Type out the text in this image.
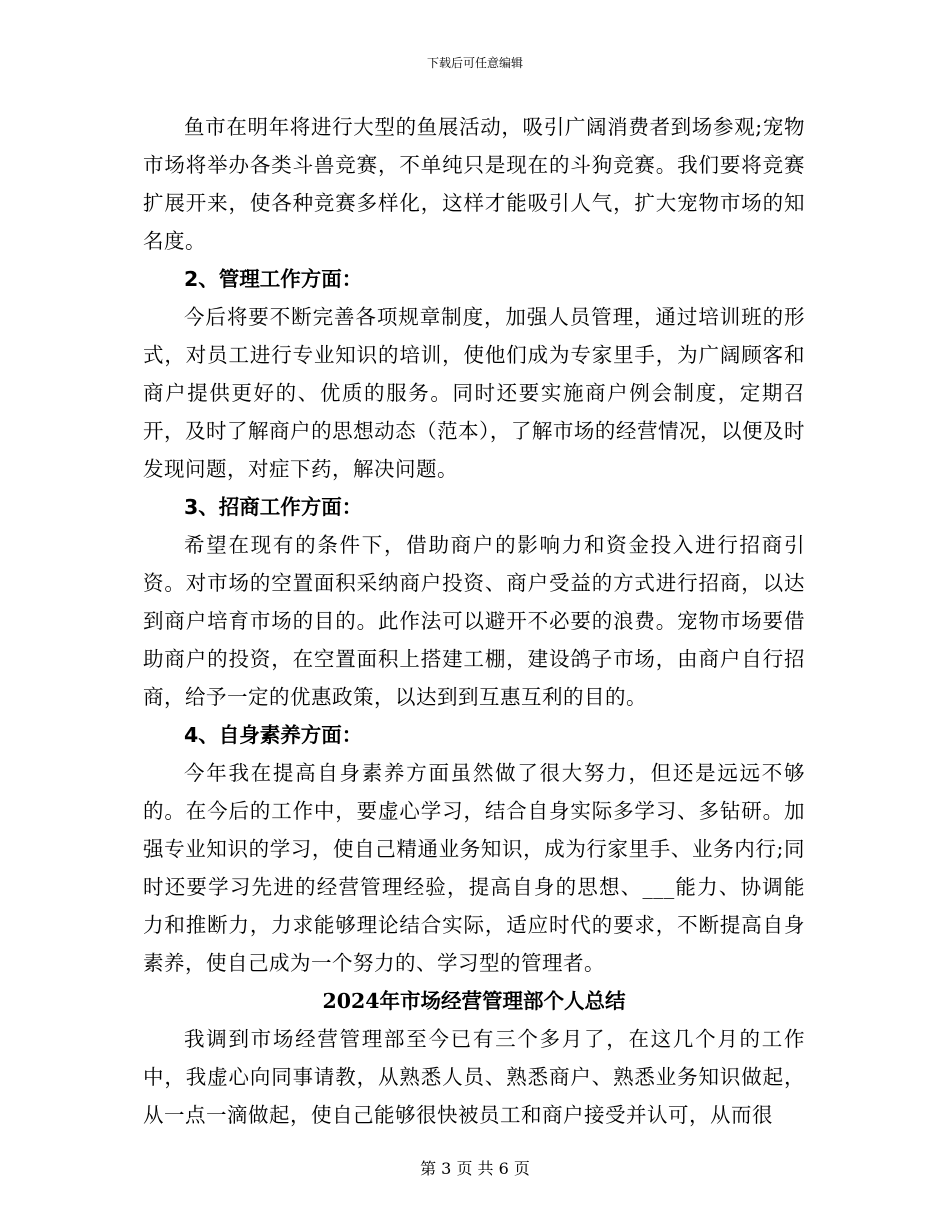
下载后可任意编辑

鱼市在明年将进行大型的鱼展活动，吸引广阔消费者到场参观;宠物市场将举办各类斗兽竞赛，不单纯只是现在的斗狗竞赛。我们要将竞赛扩展开来，使各种竞赛多样化，这样才能吸引人气，扩大宠物市场的知名度。

2、管理工作方面：

今后将要不断完善各项规章制度，加强人员管理，通过培训班的形式，对员工进行专业知识的培训，使他们成为专家里手，为广阔顾客和商户提供更好的、优质的服务。同时还要实施商户例会制度，定期召开，及时了解商户的思想动态（范本），了解市场的经营情况，以便及时发现问题，对症下药，解决问题。

3、招商工作方面：

希望在现有的条件下，借助商户的影响力和资金投入进行招商引资。对市场的空置面积采纳商户投资、商户受益的方式进行招商，以达到商户培育市场的目的。此作法可以避开不必要的浪费。宠物市场要借助商户的投资，在空置面积上搭建工棚，建设鸽子市场，由商户自行招商，给予一定的优惠政策，以达到到互惠互利的目的。

4、自身素养方面：

今年我在提高自身素养方面虽然做了很大努力，但还是远远不够的。在今后的工作中，要虚心学习，结合自身实际多学习、多钻研。加强专业知识的学习，使自己精通业务知识，成为行家里手、业务内行;同时还要学习先进的经营管理经验，提高自身的思想、___能力、协调能力和推断力，力求能够理论结合实际，适应时代的要求，不断提高自身素养，使自己成为一个努力的、学习型的管理者。

2024年市场经营管理部个人总结

我调到市场经营管理部至今已有三个多月了，在这几个月的工作中，我虚心向同事请教，从熟悉人员、熟悉商户、熟悉业务知识做起，从一点一滴做起，使自己能够很快被员工和商户接受并认可，从而很

第 3 页 共 6 页
